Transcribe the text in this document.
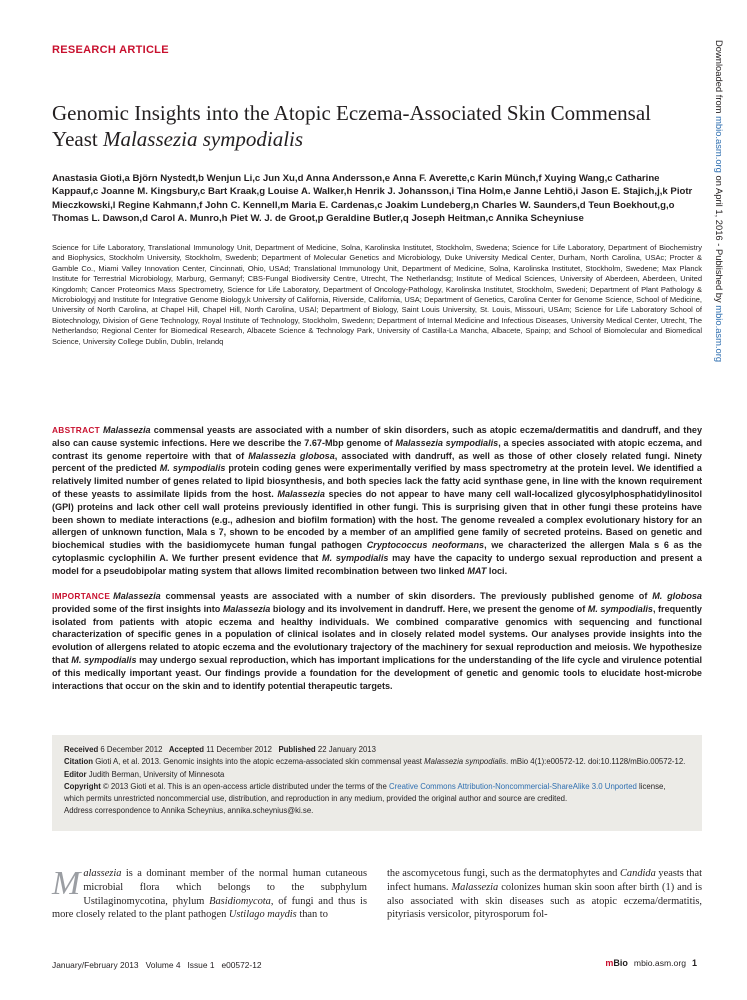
RESEARCH ARTICLE	Downloaded from mbio.asm.org on April 1, 2016 - Published by mbio.asm.org
Genomic Insights into the Atopic Eczema-Associated Skin Commensal Yeast Malassezia sympodialis

Anastasia Gioti,a Björn Nystedt,b Wenjun Li,c Jun Xu,d Anna Andersson,e Anna F. Averette,c Karin Münch,f Xuying Wang,c Catharine Kappauf,c Joanne M. Kingsbury,c Bart Kraak,g Louise A. Walker,h Henrik J. Johansson,i Tina Holm,e Janne Lehtiö,i Jason E. Stajich,j,k Piotr Mieczkowski,l Regine Kahmann,f John C. Kennell,m Maria E. Cardenas,c Joakim Lundeberg,n Charles W. Saunders,d Teun Boekhout,g,o Thomas L. Dawson,d Carol A. Munro,h Piet W. J. de Groot,p Geraldine Butler,q Joseph Heitman,c Annika Scheyniuse

Science for Life Laboratory, Translational Immunology Unit, Department of Medicine, Solna, Karolinska Institutet, Stockholm, Swedena; Science for Life Laboratory, Department of Biochemistry and Biophysics, Stockholm University, Stockholm, Swedenb; Department of Molecular Genetics and Microbiology, Duke University Medical Center, Durham, North Carolina, USAc; Procter & Gamble Co., Miami Valley Innovation Center, Cincinnati, Ohio, USAd; Translational Immunology Unit, Department of Medicine, Solna, Karolinska Institutet, Stockholm, Swedene; Max Planck Institute for Terrestrial Microbiology, Marburg, Germanyf; CBS-Fungal Biodiversity Centre, Utrecht, The Netherlandsg; Institute of Medical Sciences, University of Aberdeen, Aberdeen, United Kingdomh; Cancer Proteomics Mass Spectrometry, Science for Life Laboratory, Department of Oncology-Pathology, Karolinska Institutet, Stockholm, Swedeni; Department of Plant Pathology & Microbiologyj and Institute for Integrative Genome Biology,k University of California, Riverside, California, USA; Department of Genetics, Carolina Center for Genome Science, School of Medicine, University of North Carolina, at Chapel Hill, Chapel Hill, North Carolina, USAl; Department of Biology, Saint Louis University, St. Louis, Missouri, USAm; Science for Life Laboratory School of Biotechnology, Division of Gene Technology, Royal Institute of Technology, Stockholm, Swedenn; Department of Internal Medicine and Infectious Diseases, University Medical Center, Utrecht, The Netherlandso; Regional Center for Biomedical Research, Albacete Science & Technology Park, University of Castilla-La Mancha, Albacete, Spainp; and School of Biomolecular and Biomedical Science, University College Dublin, Dublin, Irelandq

ABSTRACT Malassezia commensal yeasts are associated with a number of skin disorders, such as atopic eczema/dermatitis and dandruff, and they also can cause systemic infections. Here we describe the 7.67-Mbp genome of Malassezia sympodialis, a species associated with atopic eczema, and contrast its genome repertoire with that of Malassezia globosa, associated with dandruff, as well as those of other closely related fungi. Ninety percent of the predicted M. sympodialis protein coding genes were experimentally verified by mass spectrometry at the protein level. We identified a relatively limited number of genes related to lipid biosynthesis, and both species lack the fatty acid synthase gene, in line with the known requirement of these yeasts to assimilate lipids from the host. Malassezia species do not appear to have many cell wall-localized glycosylphosphatidylinositol (GPI) proteins and lack other cell wall proteins previously identified in other fungi. This is surprising given that in other fungi these proteins have been shown to mediate interactions (e.g., adhesion and biofilm formation) with the host. The genome revealed a complex evolutionary history for an allergen of unknown function, Mala s 7, shown to be encoded by a member of an amplified gene family of secreted proteins. Based on genetic and biochemical studies with the basidiomycete human fungal pathogen Cryptococcus neoformans, we characterized the allergen Mala s 6 as the cytoplasmic cyclophilin A. We further present evidence that M. sympodialis may have the capacity to undergo sexual reproduction and present a model for a pseudobipolar mating system that allows limited recombination between two linked MAT loci.

IMPORTANCE Malassezia commensal yeasts are associated with a number of skin disorders. The previously published genome of M. globosa provided some of the first insights into Malassezia biology and its involvement in dandruff. Here, we present the genome of M. sympodialis, frequently isolated from patients with atopic eczema and healthy individuals. We combined comparative genomics with sequencing and functional characterization of specific genes in a population of clinical isolates and in closely related model systems. Our analyses provide insights into the evolution of allergens related to atopic eczema and the evolutionary trajectory of the machinery for sexual reproduction and meiosis. We hypothesize that M. sympodialis may undergo sexual reproduction, which has important implications for the understanding of the life cycle and virulence potential of this medically important yeast. Our findings provide a foundation for the development of genetic and genomic tools to elucidate host-microbe interactions that occur on the skin and to identify potential therapeutic targets.

Received 6 December 2012 Accepted 11 December 2012 Published 22 January 2013
Citation Gioti A, et al. 2013. Genomic insights into the atopic eczema-associated skin commensal yeast Malassezia sympodialis. mBio 4(1):e00572-12. doi:10.1128/mBio.00572-12.
Editor Judith Berman, University of Minnesota
Copyright © 2013 Gioti et al. This is an open-access article distributed under the terms of the Creative Commons Attribution-Noncommercial-ShareAlike 3.0 Unported license,
which permits unrestricted noncommercial use, distribution, and reproduction in any medium, provided the original author and source are credited.
Address correspondence to Annika Scheynius, annika.scheynius@ki.se.

Malassezia is a dominant member of the normal human cutaneous microbial flora which belongs to the subphylum Ustilaginomycotina, phylum Basidiomycota, of fungi and thus is more closely related to the plant pathogen Ustilago maydis than to

the ascomycetous fungi, such as the dermatophytes and Candida yeasts that infect humans. Malassezia colonizes human skin soon after birth (1) and is also associated with skin diseases such as atopic eczema/dermatitis, pityriasis versicolor, pityrosporum fol-

January/February 2013   Volume 4   Issue 1   e00572-12	mBio mbio.asm.org 1
